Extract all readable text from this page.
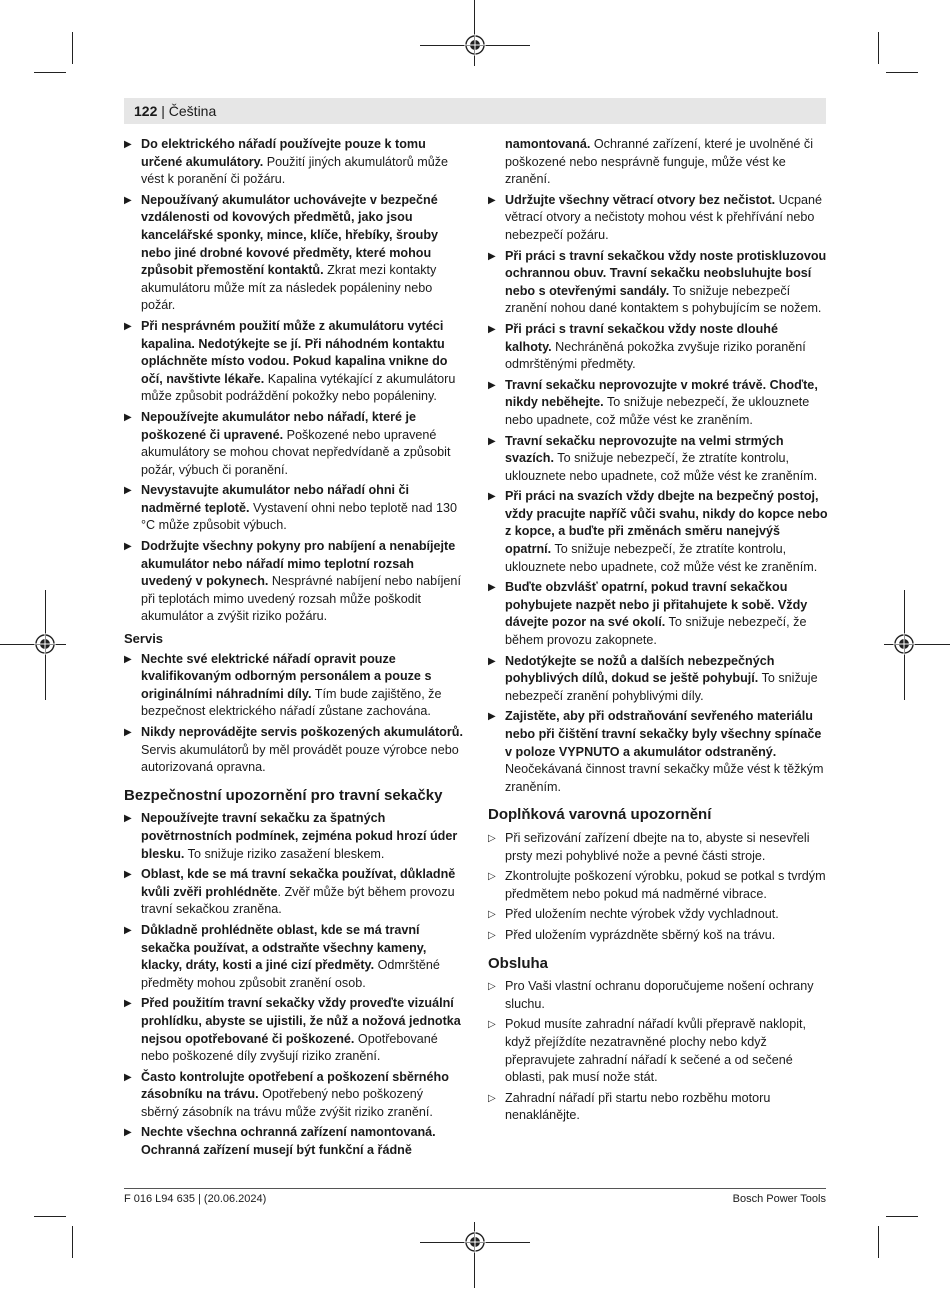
122 | Čeština
▶ Do elektrického nářadí používejte pouze k tomu určené akumulátory. Použití jiných akumulátorů může vést k poranění či požáru.
▶ Nepoužívaný akumulátor uchovávejte v bezpečné vzdálenosti od kovových předmětů, jako jsou kancelářské sponky, mince, klíče, hřebíky, šrouby nebo jiné drobné kovové předměty, které mohou způsobit přemostění kontaktů. Zkrat mezi kontakty akumulátoru může mít za následek popáleniny nebo požár.
▶ Při nesprávném použití může z akumulátoru vytéci kapalina. Nedotýkejte se jí. Při náhodném kontaktu opláchněte místo vodou. Pokud kapalina vnikne do očí, navštivte lékaře. Kapalina vytékající z akumulátoru může způsobit podráždění pokožky nebo popáleniny.
▶ Nepoužívejte akumulátor nebo nářadí, které je poškozené či upravené. Poškozené nebo upravené akumulátory se mohou chovat nepředvídaně a způsobit požár, výbuch či poranění.
▶ Nevystavujte akumulátor nebo nářadí ohni či nadměrné teplotě. Vystavení ohni nebo teplotě nad 130 °C může způsobit výbuch.
▶ Dodržujte všechny pokyny pro nabíjení a nenabíjejte akumulátor nebo nářadí mimo teplotní rozsah uvedený v pokynech. Nesprávné nabíjení nebo nabíjení při teplotách mimo uvedený rozsah může poškodit akumulátor a zvýšit riziko požáru.
Servis
▶ Nechte své elektrické nářadí opravit pouze kvalifikovaným odborným personálem a pouze s originálními náhradními díly. Tím bude zajištěno, že bezpečnost elektrického nářadí zůstane zachována.
▶ Nikdy neprovádějte servis poškozených akumulátorů. Servis akumulátorů by měl provádět pouze výrobce nebo autorizovaná opravna.
Bezpečnostní upozornění pro travní sekačky
▶ Nepoužívejte travní sekačku za špatných povětrnostních podmínek, zejména pokud hrozí úder blesku. To snižuje riziko zasažení bleskem.
▶ Oblast, kde se má travní sekačka používat, důkladně kvůli zvěři prohlédněte. Zvěř může být během provozu travní sekačkou zraněna.
▶ Důkladně prohlédněte oblast, kde se má travní sekačka používat, a odstraňte všechny kameny, klacky, dráty, kosti a jiné cizí předměty. Odmrštěné předměty mohou způsobit zranění osob.
▶ Před použitím travní sekačky vždy proveďte vizuální prohlídku, abyste se ujistili, že nůž a nožová jednotka nejsou opotřebované či poškozené. Opotřebované nebo poškozené díly zvyšují riziko zranění.
▶ Často kontrolujte opotřebení a poškození sběrného zásobníku na trávu. Opotřebený nebo poškozený sběrný zásobník na trávu může zvýšit riziko zranění.
▶ Nechte všechna ochranná zařízení namontovaná. Ochranná zařízení musejí být funkční a řádně
namontovaná. Ochranné zařízení, které je uvolněné či poškozené nebo nesprávně funguje, může vést ke zranění.
▶ Udržujte všechny větrací otvory bez nečistot. Ucpané větrací otvory a nečistoty mohou vést k přehřívání nebo nebezpečí požáru.
▶ Při práci s travní sekačkou vždy noste protiskluzovou ochrannou obuv. Travní sekačku neobsluhujte bosí nebo s otevřenými sandály. To snižuje nebezpečí zranění nohou dané kontaktem s pohybujícím se nožem.
▶ Při práci s travní sekačkou vždy noste dlouhé kalhoty. Nechráněná pokožka zvyšuje riziko poranění odmrštěnými předměty.
▶ Travní sekačku neprovozujte v mokré trávě. Choďte, nikdy neběhejte. To snižuje nebezpečí, že uklouznete nebo upadnete, což může vést ke zraněním.
▶ Travní sekačku neprovozujte na velmi strmých svazích. To snižuje nebezpečí, že ztratíte kontrolu, uklouznete nebo upadnete, což může vést ke zraněním.
▶ Při práci na svazích vždy dbejte na bezpečný postoj, vždy pracujte napříč vůči svahu, nikdy do kopce nebo z kopce, a buďte při změnách směru nanejvýš opatrní. To snižuje nebezpečí, že ztratíte kontrolu, uklouznete nebo upadnete, což může vést ke zraněním.
▶ Buďte obzvlášť opatrní, pokud travní sekačkou pohybujete nazpět nebo ji přitahujete k sobě. Vždy dávejte pozor na své okolí. To snižuje nebezpečí, že během provozu zakopnete.
▶ Nedotýkejte se nožů a dalších nebezpečných pohyblivých dílů, dokud se ještě pohybují. To snižuje nebezpečí zranění pohyblivými díly.
▶ Zajistěte, aby při odstraňování sevřeného materiálu nebo při čištění travní sekačky byly všechny spínače v poloze VYPNUTO a akumulátor odstraněný. Neočekávaná činnost travní sekačky může vést k těžkým zraněním.
Doplňková varovná upozornění
▷ Při seřizování zařízení dbejte na to, abyste si nesevřeli prsty mezi pohyblivé nože a pevné části stroje.
▷ Zkontrolujte poškození výrobku, pokud se potkal s tvrdým předmětem nebo pokud má nadměrné vibrace.
▷ Před uložením nechte výrobek vždy vychladnout.
▷ Před uložením vyprázdněte sběrný koš na trávu.
Obsluha
▷ Pro Vaši vlastní ochranu doporučujeme nošení ochrany sluchu.
▷ Pokud musíte zahradní nářadí kvůli přepravě naklopit, když přejíždíte nezatravněné plochy nebo když přepravujete zahradní nářadí k sečené a od sečené oblasti, pak musí nože stát.
▷ Zahradní nářadí při startu nebo rozběhu motoru nenaklánějte.
F 016 L94 635 | (20.06.2024)	Bosch Power Tools
